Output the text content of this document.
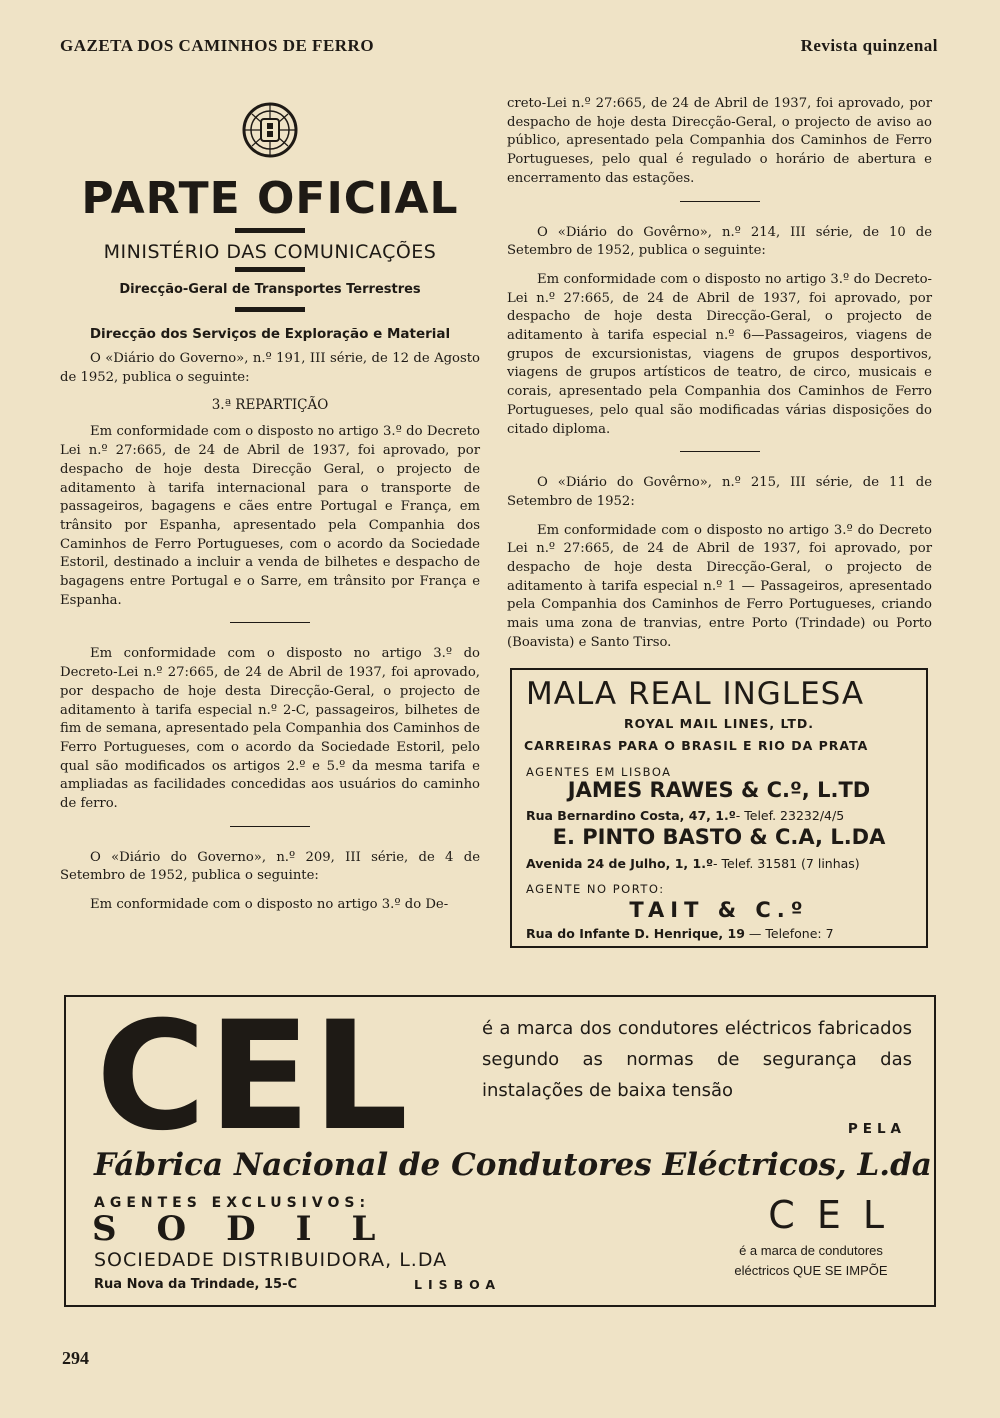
GAZETA DOS CAMINHOS DE FERRO	Revista quinzenal
PARTE OFICIAL
MINISTÉRIO DAS COMUNICAÇÕES
Direcção-Geral de Transportes Terrestres
Direcção dos Serviços de Exploração e Material

O «Diário do Governo», n.º 191, III série, de 12 de Agosto de 1952, publica o seguinte:

3.ª REPARTIÇÃO

Em conformidade com o disposto no artigo 3.º do Decreto Lei n.º 27:665, de 24 de Abril de 1937, foi aprovado, por despacho de hoje desta Direcção Geral, o projecto de aditamento à tarifa internacional para o transporte de passageiros, bagagens e cães entre Portugal e França, em trânsito por Espanha, apresentado pela Companhia dos Caminhos de Ferro Portugueses, com o acordo da Sociedade Estoril, destinado a incluir a venda de bilhetes e despacho de bagagens entre Portugal e o Sarre, em trânsito por França e Espanha.

Em conformidade com o disposto no artigo 3.º do Decreto-Lei n.º 27:665, de 24 de Abril de 1937, foi aprovado, por despacho de hoje desta Direcção-Geral, o projecto de aditamento à tarifa especial n.º 2-C, passageiros, bilhetes de fim de semana, apresentado pela Companhia dos Caminhos de Ferro Portugueses, com o acordo da Sociedade Estoril, pelo qual são modificados os artigos 2.º e 5.º da mesma tarifa e ampliadas as facilidades concedidas aos usuários do caminho de ferro.

O «Diário do Governo», n.º 209, III série, de 4 de Setembro de 1952, publica o seguinte:

Em conformidade com o disposto no artigo 3.º do De-

creto-Lei n.º 27:665, de 24 de Abril de 1937, foi aprovado, por despacho de hoje desta Direcção-Geral, o projecto de aviso ao público, apresentado pela Companhia dos Caminhos de Ferro Portugueses, pelo qual é regulado o horário de abertura e encerramento das estações.

O «Diário do Govêrno», n.º 214, III série, de 10 de Setembro de 1952, publica o seguinte:

Em conformidade com o disposto no artigo 3.º do Decreto-Lei n.º 27:665, de 24 de Abril de 1937, foi aprovado, por despacho de hoje desta Direcção-Geral, o projecto de aditamento à tarifa especial n.º 6—Passageiros, viagens de grupos de excursionistas, viagens de grupos desportivos, viagens de grupos artísticos de teatro, de circo, musicais e corais, apresentado pela Companhia dos Caminhos de Ferro Portugueses, pelo qual são modificadas várias disposições do citado diploma.

O «Diário do Govêrno», n.º 215, III série, de 11 de Setembro de 1952:

Em conformidade com o disposto no artigo 3.º do Decreto Lei n.º 27:665, de 24 de Abril de 1937, foi aprovado, por despacho de hoje desta Direcção-Geral, o projecto de aditamento à tarifa especial n.º 1 — Passageiros, apresentado pela Companhia dos Caminhos de Ferro Portugueses, criando mais uma zona de tranvias, entre Porto (Trindade) ou Porto (Boavista) e Santo Tirso.

MALA REAL INGLESA
ROYAL MAIL LINES, LTD.
CARREIRAS PARA O BRASIL E RIO DA PRATA
AGENTES EM LISBOA
JAMES RAWES & C.º, L.TD
Rua Bernardino Costa, 47, 1.º- Telef. 23232/4/5
E. PINTO BASTO & C.A, L.DA
Avenida 24 de Julho, 1, 1.º- Telef. 31581 (7 linhas)
AGENTE NO PORTO:
TAIT & C.º
Rua do Infante D. Henrique, 19 — Telefone: 7
CEL	é a marca dos condutores eléctricos fabricados segundo as normas de segurança das instalações de baixa tensão
PELA
Fábrica Nacional de Condutores Eléctricos, L.da
AGENTES EXCLUSIVOS:
SODIL
SOCIEDADE DISTRIBUIDORA, L.DA
Rua Nova da Trindade, 15-C	LISBOA
CEL
é a marca de condutores eléctricos QUE SE IMPÕE
294
